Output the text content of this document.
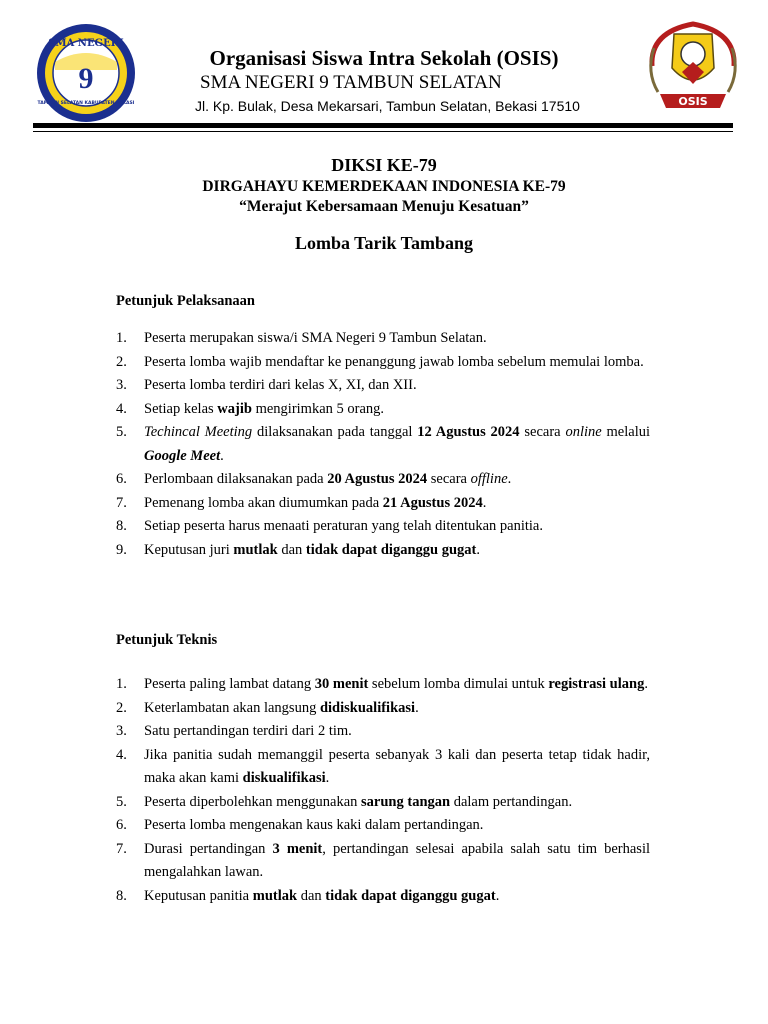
SMA NEGERI
9
TAMBUN SELATAN KABUPATEN BEKASI
Organisasi Siswa Intra Sekolah (OSIS)
SMA NEGERI 9 TAMBUN SELATAN
Jl. Kp. Bulak, Desa Mekarsari, Tambun Selatan, Bekasi 17510	OSIS
DIKSI KE-79
DIRGAHAYU KEMERDEKAAN INDONESIA KE-79
“Merajut Kebersamaan Menuju Kesatuan”
Lomba Tarik Tambang
Petunjuk Pelaksanaan
1. Peserta merupakan siswa/i SMA Negeri 9 Tambun Selatan.
2. Peserta lomba wajib mendaftar ke penanggung jawab lomba sebelum memulai lomba.
3. Peserta lomba terdiri dari kelas X, XI, dan XII.
4. Setiap kelas wajib mengirimkan 5 orang.
5. Techincal Meeting dilaksanakan pada tanggal 12 Agustus 2024 secara online melalui Google Meet.
6. Perlombaan dilaksanakan pada 20 Agustus 2024 secara offline.
7. Pemenang lomba akan diumumkan pada 21 Agustus 2024.
8. Setiap peserta harus menaati peraturan yang telah ditentukan panitia.
9. Keputusan juri mutlak dan tidak dapat diganggu gugat.
Petunjuk Teknis
1. Peserta paling lambat datang 30 menit sebelum lomba dimulai untuk registrasi ulang.
2. Keterlambatan akan langsung didiskualifikasi.
3. Satu pertandingan terdiri dari 2 tim.
4. Jika panitia sudah memanggil peserta sebanyak 3 kali dan peserta tetap tidak hadir, maka akan kami diskualifikasi.
5. Peserta diperbolehkan menggunakan sarung tangan dalam pertandingan.
6. Peserta lomba mengenakan kaus kaki dalam pertandingan.
7. Durasi pertandingan 3 menit, pertandingan selesai apabila salah satu tim berhasil mengalahkan lawan.
8. Keputusan panitia mutlak dan tidak dapat diganggu gugat.
